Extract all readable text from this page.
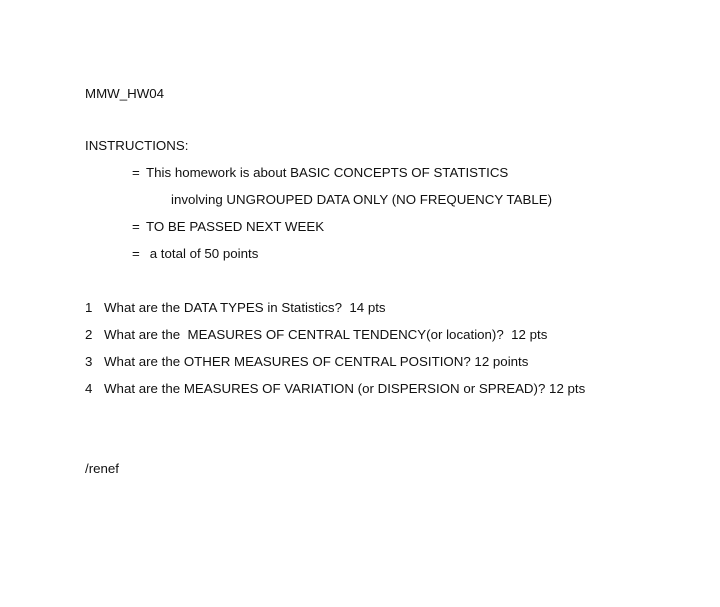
MMW_HW04
INSTRUCTIONS:
= This homework is about BASIC CONCEPTS OF STATISTICS
involving UNGROUPED DATA ONLY (NO FREQUENCY TABLE)
= TO BE PASSED NEXT WEEK
= a total of 50 points
1 What are the DATA TYPES in Statistics?  14 pts
2 What are the  MEASURES OF CENTRAL TENDENCY(or location)?  12 pts
3 What are the OTHER MEASURES OF CENTRAL POSITION? 12 points
4 What are the MEASURES OF VARIATION (or DISPERSION or SPREAD)? 12 pts
/renef
